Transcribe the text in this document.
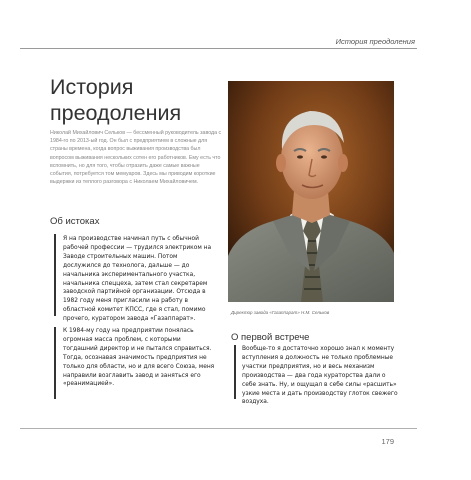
История преодоления
История преодоления
Николай Михайлович Сельков — бессменный руководитель завода с 1984-го по 2013-ый год. Он был с предприятием в сложные для страны времена, когда вопрос выживания производства был вопросом выживания нескольких сотен его работников. Ему есть что вспомнить, но для того, чтобы отразить даже самые важные события, потребуется том мемуаров. Здесь мы приводим короткие выдержки из теплого разговора с Николаем Михайловичем.
Об истоках
Я на производстве начинал путь с обычной рабочей профессии — трудился электриком на Заводе строительных машин. Потом дослужился до технолога, дальше — до начальника экспериментального участка, начальника спеццеха, затем стал секретарем заводской партийной организации. Отсюда в 1982 году меня пригласили на работу в областной комитет КПСС, где я стал, помимо прочего, куратором завода «Газаппарат».
К 1984-му году на предприятии понялась огромная масса проблем, с которыми тогдашний директор и не пытался справиться. Тогда, осознавая значимость предприятия не только для области, но и для всего Союза, меня направили возглавить завод и заняться его «реанимацией».
Директор завода «Газаппарат» Н.М. Сельков
О первой встрече
Вообще-то я достаточно хорошо знал к моменту вступления в должность не только проблемные участки предприятия, но и весь механизм производства — два года кураторства дали о себе знать. Ну, и ощущал в себе силы «расшить» узкие места и дать производству глоток свежего воздуха.
179
